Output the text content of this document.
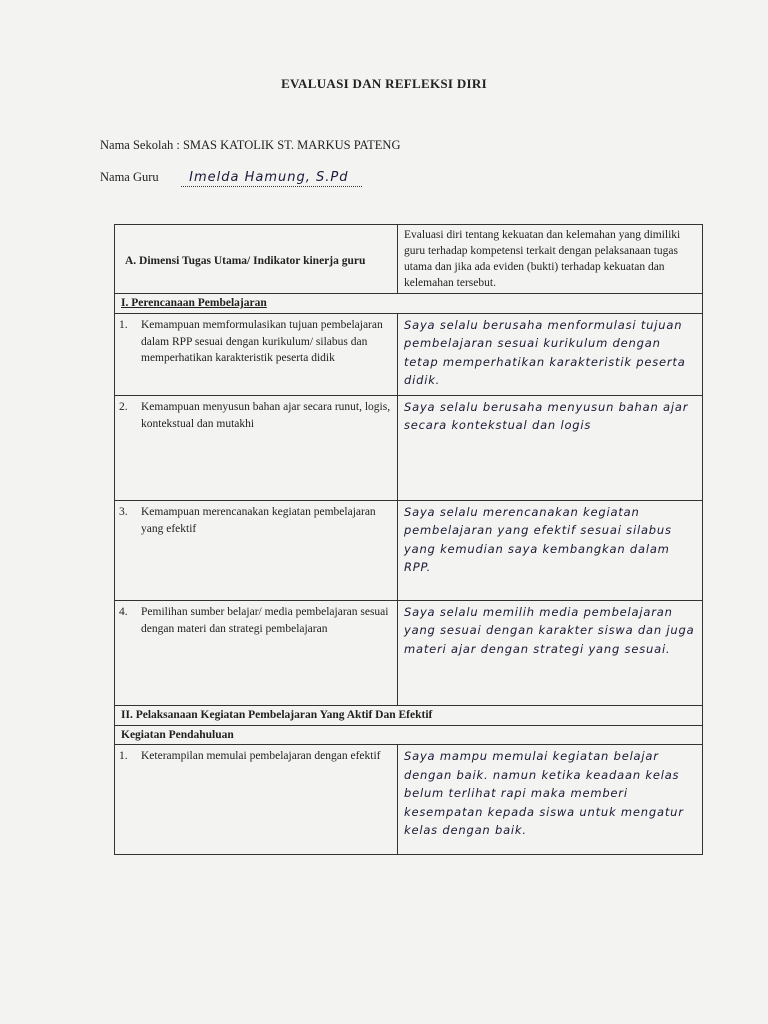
EVALUASI DAN REFLEKSI DIRI
Nama Sekolah : SMAS KATOLIK ST. MARKUS PATENG
Nama Guru Imelda Hamung, S.Pd
A. Dimensi Tugas Utama/ Indikator kinerja guru	Evaluasi diri tentang kekuatan dan kelemahan yang dimiliki guru terhadap kompetensi terkait dengan pelaksanaan tugas utama dan jika ada eviden (bukti) terhadap kekuatan dan kelemahan tersebut.
I. Perencanaan Pembelajaran	

1. Kemampuan memformulasikan tujuan pembelajaran dalam RPP sesuai dengan kurikulum/ silabus dan memperhatikan karakteristik peserta didik	Saya selalu berusaha menformulasi tujuan pembelajaran sesuai kurikulum dengan tetap memperhatikan karakteristik peserta didik.

2. Kemampuan menyusun bahan ajar secara runut, logis, kontekstual dan mutakhi	Saya selalu berusaha menyusun bahan ajar secara kontekstual dan logis

3. Kemampuan merencanakan kegiatan pembelajaran yang efektif	Saya selalu merencanakan kegiatan pembelajaran yang efektif sesuai silabus yang kemudian saya kembangkan dalam RPP.

4. Pemilihan sumber belajar/ media pembelajaran sesuai dengan materi dan strategi pembelajaran	Saya selalu memilih media pembelajaran yang sesuai dengan karakter siswa dan juga materi ajar dengan strategi yang sesuai.
II. Pelaksanaan Kegiatan Pembelajaran Yang Aktif Dan Efektif	
Kegiatan Pendahuluan	

1. Keterampilan memulai pembelajaran dengan efektif	Saya mampu memulai kegiatan belajar dengan baik. namun ketika keadaan kelas belum terlihat rapi maka memberi kesempatan kepada siswa untuk mengatur kelas dengan baik.
